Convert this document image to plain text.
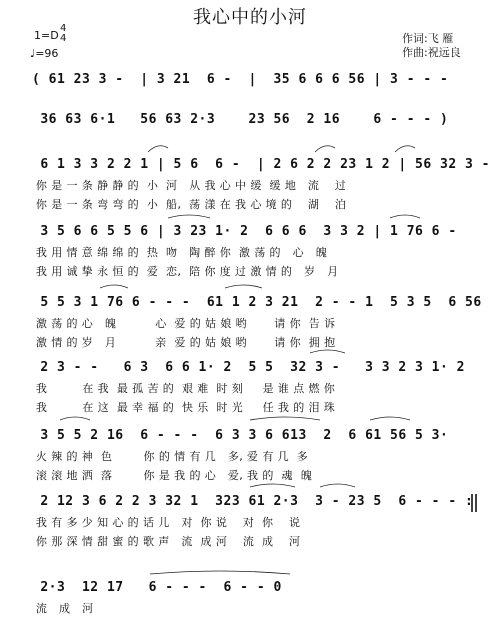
我心中的小河
1=D
4
4
♩=96
作词:飞 雁
作曲:祝远良
( 61 23 3 -  | 3 21  6 -  |  35 6 6 6 56 | 3 - - -
36 63 6·1   56 63 2·3    23 56  2 16    6 - - - )
6 1 3 3 2 2 1 | 5 6  6 -  | 2 6 2 2 23 1 2 | 56 32 3 -
你 是 一 条 静 静 的  小  河   从 我 心 中 缓  缓 地   流    过
你 是 一 条 弯 弯 的  小  船,  荡 漾 在 我 心 境 的    湖    泊
3 5 6 6 5 5 6 | 3 23 1· 2  6 6 6  3 3 2 | 1 76 6 -
我 用 情 意 绵 绵 的  热  吻   陶 醉 你  激 荡 的   心   魄
我 用 诚 挚 永 恒 的  爱  恋,  陪 你 度 过 激 情 的   岁   月
5 5 3 1 76 6 - - -  61 1 2 3 21  2 - - 1  5 3 5  6 56
激 荡 的 心   魄          心  爱 的 姑 娘 哟       请 你  告 诉
激 情 的 岁   月          亲  爱 的 姑 娘 哟       请 你  拥 抱
2 3 - -   6 3  6 6 1· 2  5 5  32 3 -   3 3 2 3 1· 2
我         在 我  最 孤 苦 的  艰 难  时 刻     是 谁 点 燃 你
我         在 这  最 幸 福 的  快 乐  时 光     任 我 的 泪 珠
3 5 5 2 16  6 - - -  6 3 3 6 613  2  6 61 56 5 3·
火 辣 的 神  色        你 的 情 有 几   多, 爱 有 几  多
滚 滚 地 洒  落        你 是 我 的 心   爱, 我 的  魂  魄
2 12 3 6 2 2 3 32 1  323 61 2·3  3 - 23 5  6 - - - :
我 有 多 少 知 心 的 话 儿   对  你 说    对  你    说
你 那 深 情 甜 蜜 的 歌 声   流  成 河    流  成    河
2·3  12 17   6 - - -  6 - - 0
流   成   河
